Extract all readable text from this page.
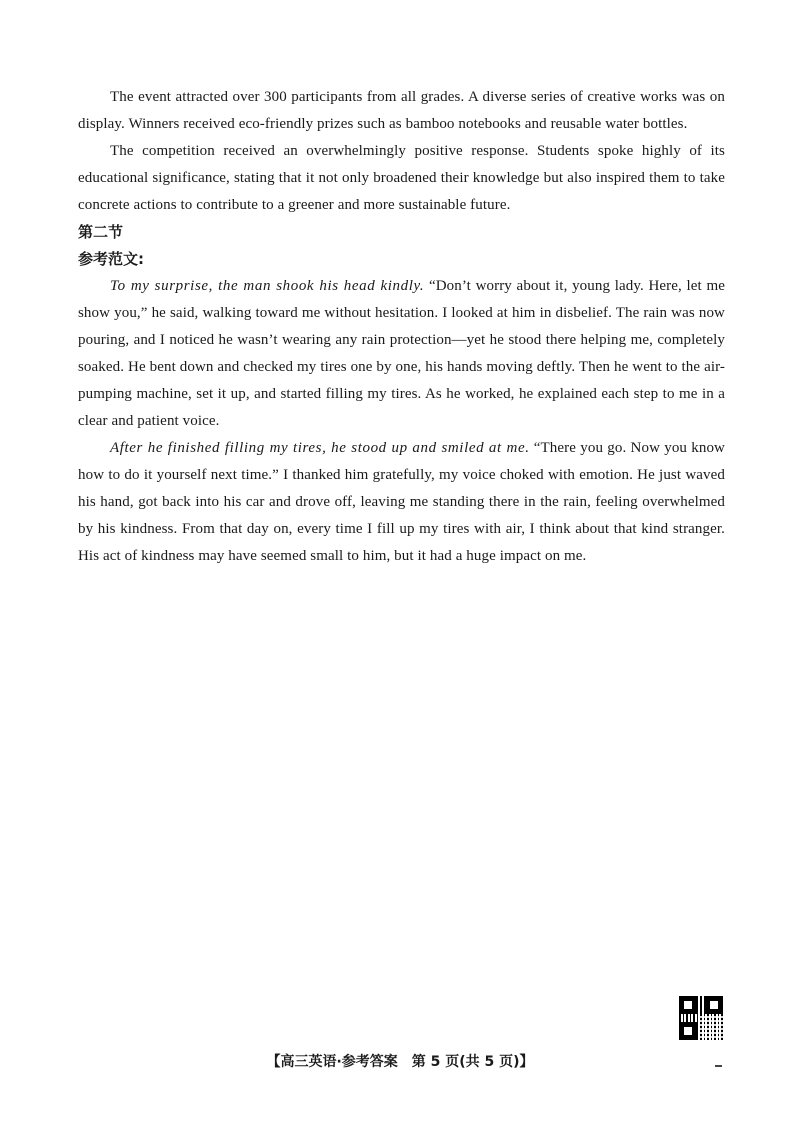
The event attracted over 300 participants from all grades. A diverse series of creative works was on display. Winners received eco-friendly prizes such as bamboo notebooks and reusable water bottles.

The competition received an overwhelmingly positive response. Students spoke highly of its educational significance, stating that it not only broadened their knowledge but also inspired them to take concrete actions to contribute to a greener and more sustainable future.

第二节
参考范文:

To my surprise, the man shook his head kindly. “Don’t worry about it, young lady. Here, let me show you,” he said, walking toward me without hesitation. I looked at him in disbelief. The rain was now pouring, and I noticed he wasn’t wearing any rain protection—yet he stood there helping me, completely soaked. He bent down and checked my tires one by one, his hands moving deftly. Then he went to the air-pumping machine, set it up, and started filling my tires. As he worked, he explained each step to me in a clear and patient voice.

After he finished filling my tires, he stood up and smiled at me. “There you go. Now you know how to do it yourself next time.” I thanked him gratefully, my voice choked with emotion. He just waved his hand, got back into his car and drove off, leaving me standing there in the rain, feeling overwhelmed by his kindness. From that day on, every time I fill up my tires with air, I think about that kind stranger. His act of kindness may have seemed small to him, but it had a huge impact on me.

【高三英语·参考答案　第 5 页(共 5 页)】
